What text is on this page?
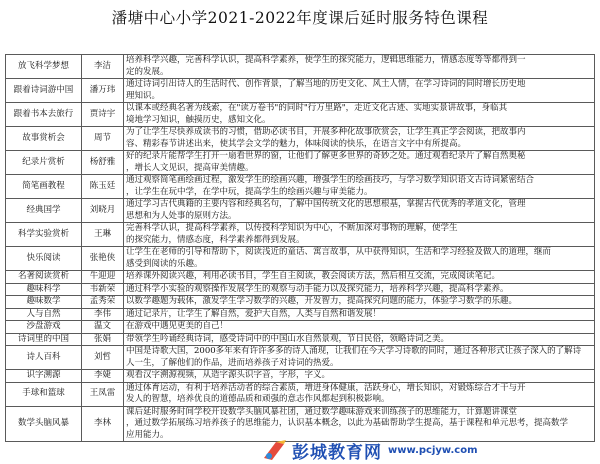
潘塘中心小学2021-2022年度课后延时服务特色课程
放飞科学梦想	李洁	培养科学兴趣，完善科学认识，提高科学素养，使学生的探究能力，逻辑思维能力，情感态度等等都得到一
定的发展。
跟着诗词游中国	潘万玮	通过诗词引出诗人的生活时代、创作背景，了解当地的历史文化、风土人情，在学习诗词的同时增长历史地
理知识。
跟着书本去旅行	贾诗宇	以课本或经典名著为线索，在"读万卷书"的同时"行万里路"，走近文化古迹、实地实景讲故事，身临其
境地学习知识，触摸历史，感知文化。
故事赏析会	周节	为了让学生尽快养成读书的习惯，借助必读书目，开展多种化故事欣赏会，让学生真正学会阅读，把故事内
容、精彩春节讲述出来，使其学会文学的魅力，体味阅读的快乐，在语言文字中有所提高。
纪录片赏析	杨舒雅	好的纪录片能帮学生打开一扇看世界的窗，让他们了解更多世界的奇妙之处。通过观看纪录片了解自然奥秘
，增长人文见识，提高审美情趣。
简笔画教程	陈玉廷	通过观察简笔画绘画过程，激发学生的绘画兴趣，增强学生的绘画技巧，与学习数学知识语文古诗词紧密结合
，让学生在玩中学，在学中玩，提高学生的绘画兴趣与审美能力。
经典国学	刘晓月	通过学习古代典籍的主要内容和经典名句，了解中国传统文化的思想根基，掌握古代优秀的孝道文化，管理
思想和为人处事的原则方法。
科学实验赏析	王琳	完善科学认识，提高科学素养，以传授科学知识为中心，不断加深对事物的理解，使学生
的探究能力，情感态度，科学素养都得到发展。
快乐阅读	张艳侠	让学生在老师的引导和帮助下，阅读浅近的童话、寓言故事，从中获得知识，生活和学习经验及做人的道理，继而
感受到阅读的乐趣。
名著阅读赏析	牛迎迎	培养课外阅读兴趣，利用必读书目，学生自主阅读，教会阅读方法，然后相互交流，完成阅读笔记。
趣味科学	韦新荣	通过科学小实验的观察操作发展学生的观察与动手能力以及探究能力，培养科学兴趣，提高科学素养。
趣味数学	孟秀荣	以数学趣题为载体，激发学生学习数学的兴趣，开发智力，提高探究问题的能力，体验学习数学的乐趣。
人与自然	李伟	通过记录片，让学生了解自然，爱护大自然，人类与自然和谐发展！
沙盘游戏	温文	在游戏中遇见更美的自己！
诗词里的中国	张娟	带领学生吟诵经典诗词，感受诗词中的中国山水自然景观，节日民俗，领略诗词之美。
诗人百科	刘哲	中国是诗歌大国，2000多年来有许许多多的诗人涌现，让我们在今天学习诗歌的同时，通过各种形式让孩子深入的了解诗
人一生，了解他们的作品，进而培养孩子对诗词的热爱。
识字溯源	李婕	观看汉字溯源视频，从造字源头识字音，字形，字义。
手球和篮球	王凤雷	通过体育运动，有利于培养活动者的综合素质，增进身体健康，活跃身心，增长知识，对锻炼综合才干与开
发人的智慧，培养优良的道德品质和顽强的意志作风都起到积极影响。
数学头脑风暴	李林	课后延时服务时间学校开设数学头脑风暴社团，通过数学趣味游戏来训练孩子的思维能力，计算题讲课堂
，通过数学拓展练习培养孩子的思维能力，认识基本概念，以此为基础帮助学生提高，基于课程和单元思考，提高数学
应用能力。
彭城教育网 www.pcjyw.com
